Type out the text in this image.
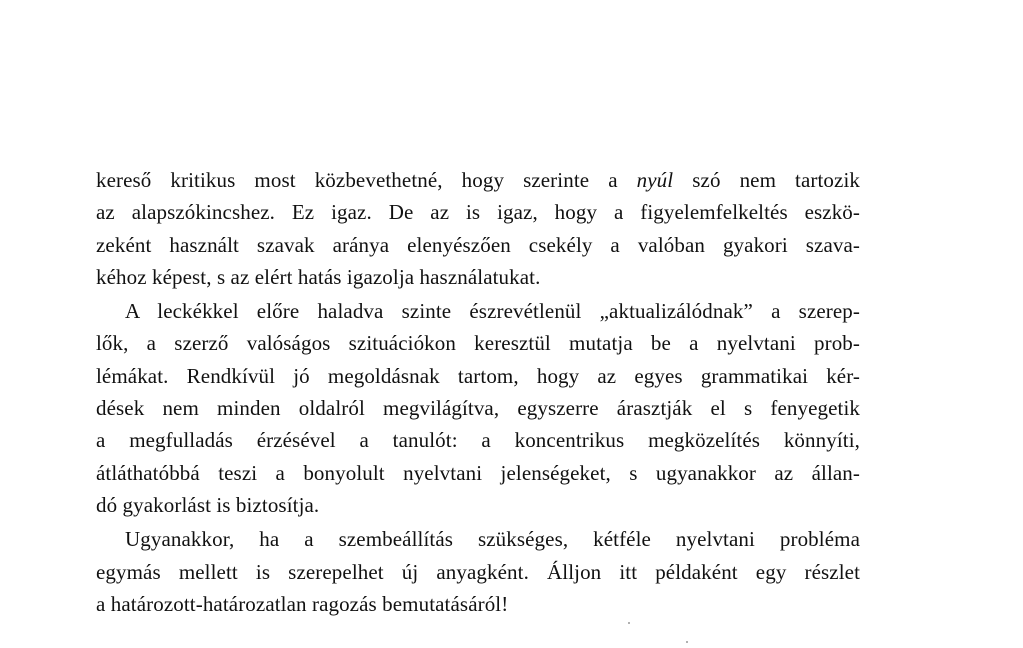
kereső kritikus most közbevethetné, hogy szerinte a nyúl szó nem tartozik
az alapszókincshez. Ez igaz. De az is igaz, hogy a figyelemfelkeltés eszkö-
zeként használt szavak aránya elenyészően csekély a valóban gyakori szava-
kéhoz képest, s az elért hatás igazolja használatukat.
A leckékkel előre haladva szinte észrevétlenül „aktualizálódnak” a szerep-
lők, a szerző valóságos szituációkon keresztül mutatja be a nyelvtani prob-
lémákat. Rendkívül jó megoldásnak tartom, hogy az egyes grammatikai kér-
dések nem minden oldalról megvilágítva, egyszerre árasztják el s fenyegetik
a megfulladás érzésével a tanulót: a koncentrikus megközelítés könnyíti,
átláthatóbbá teszi a bonyolult nyelvtani jelenségeket, s ugyanakkor az állan-
dó gyakorlást is biztosítja.
Ugyanakkor, ha a szembeállítás szükséges, kétféle nyelvtani probléma
egymás mellett is szerepelhet új anyagként. Álljon itt példaként egy részlet
a határozott-határozatlan ragozás bemutatásáról!
